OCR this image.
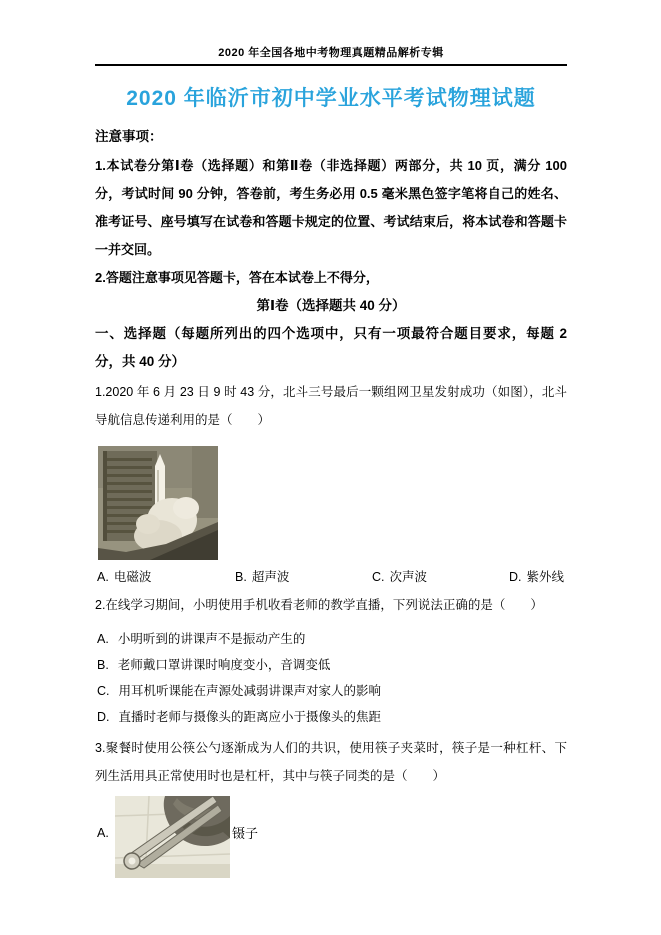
2020 年全国各地中考物理真题精品解析专辑
2020 年临沂市初中学业水平考试物理试题
注意事项：
1.本试卷分第Ⅰ卷（选择题）和第Ⅱ卷（非选择题）两部分，共 10 页，满分 100 分，考试时间 90 分钟，答卷前，考生务必用 0.5 毫米黑色签字笔将自己的姓名、准考证号、座号填写在试卷和答题卡规定的位置、考试结束后，将本试卷和答题卡一并交回。
2.答题注意事项见答题卡，答在本试卷上不得分，
第Ⅰ卷（选择题共 40 分）
一、选择题（每题所列出的四个选项中，只有一项最符合题目要求，每题 2 分，共 40 分）
1.2020 年 6 月 23 日 9 时 43 分，北斗三号最后一颗组网卫星发射成功（如图），北斗导航信息传递利用的是（　　）
A. 电磁波	B. 超声波	C. 次声波	D. 紫外线
2.在线学习期间，小明使用手机收看老师的教学直播，下列说法正确的是（　　）
A. 小明听到的讲课声不是振动产生的
B. 老师戴口罩讲课时响度变小，音调变低
C. 用耳机听课能在声源处减弱讲课声对家人的影响
D. 直播时老师与摄像头的距离应小于摄像头的焦距
3.聚餐时使用公筷公勺逐渐成为人们的共识，使用筷子夹菜时，筷子是一种杠杆、下列生活用具正常使用时也是杠杆，其中与筷子同类的是（　　）
A.	镊子
